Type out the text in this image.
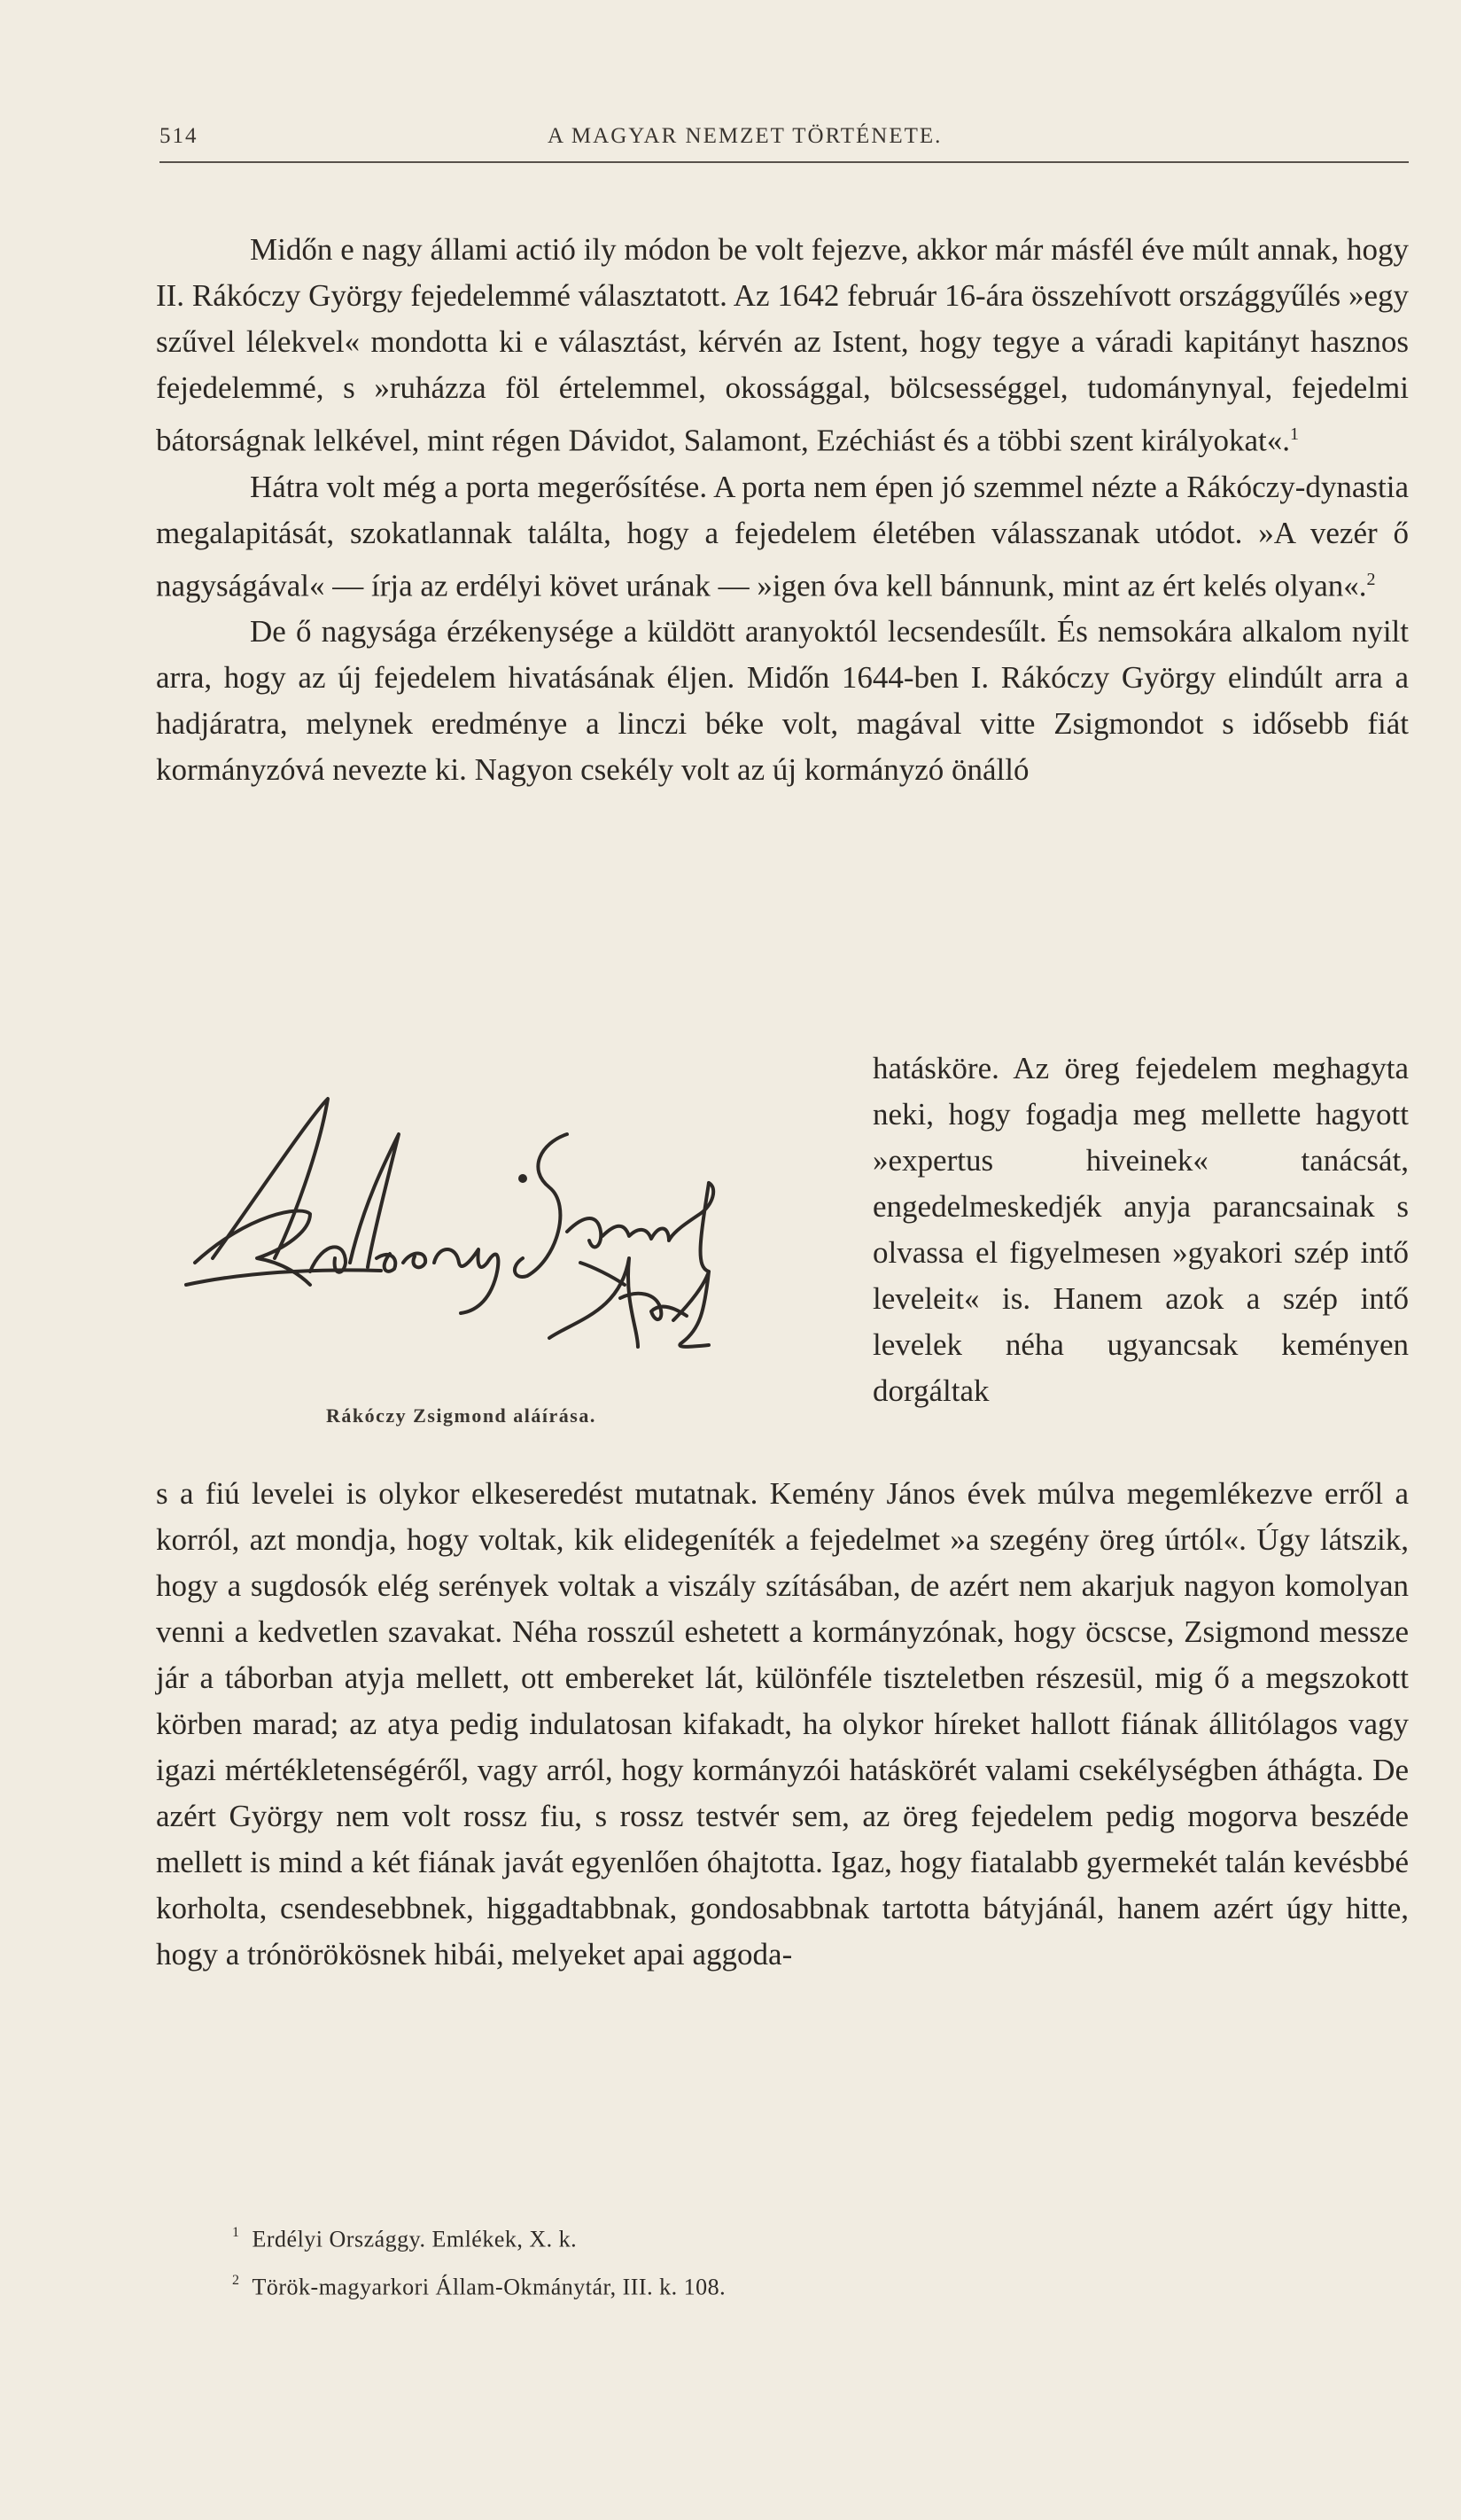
514	A MAGYAR NEMZET TÖRTÉNETE.

Midőn e nagy állami actió ily módon be volt fejezve, akkor már másfél éve múlt annak, hogy II. Rákóczy György fejedelemmé választatott. Az 1642 február 16-ára összehívott országgyűlés »egy szűvel lélekvel« mondotta ki e választást, kérvén az Istent, hogy tegye a váradi kapitányt hasznos fejedelemmé, s »ruházza föl értelemmel, okossággal, bölcsességgel, tudománynyal, fejedelmi bátorságnak lelkével, mint régen Dávidot, Salamont, Ezéchiást és a többi szent királyokat«.$^1$

Hátra volt még a porta megerősítése. A porta nem épen jó szemmel nézte a Rákóczy-dynastia megalapitását, szokatlannak találta, hogy a fejedelem életében válasszanak utódot. »A vezér ő nagyságával« — írja az erdélyi követ urának — »igen óva kell bánnunk, mint az ért kelés olyan«.$^2$

De ő nagysága érzékenysége a küldött aranyoktól lecsendesűlt. És nemsokára alkalom nyilt arra, hogy az új fejedelem hivatásának éljen. Midőn 1644-ben I. Rákóczy György elindúlt arra a hadjáratra, melynek eredménye a linczi béke volt, magával vitte Zsigmondot s idősebb fiát kormányzóvá nevezte ki. Nagyon csekély volt az új kormányzó önálló

hatásköre. Az öreg fejedelem meghagyta neki, hogy fogadja meg mellette hagyott »expertus hiveinek« tanácsát, engedelmeskedjék anyja parancsainak s olvassa el figyelmesen »gyakori szép intő leveleit« is. Hanem azok a szép intő levelek néha ugyancsak keményen dorgáltak

Rákóczy Zsigmond aláírása.

s a fiú levelei is olykor elkeseredést mutatnak. Kemény János évek múlva megemlékezve erről a korról, azt mondja, hogy voltak, kik elidegeníték a fejedelmet »a szegény öreg úrtól«. Úgy látszik, hogy a sugdosók elég serények voltak a viszály szításában, de azért nem akarjuk nagyon komolyan venni a kedvetlen szavakat. Néha rosszúl eshetett a kormányzónak, hogy öcscse, Zsigmond messze jár a táborban atyja mellett, ott embereket lát, különféle tiszteletben részesül, mig ő a megszokott körben marad; az atya pedig indulatosan kifakadt, ha olykor híreket hallott fiának állitólagos vagy igazi mértékletenségéről, vagy arról, hogy kormányzói hatáskörét valami csekélységben áthágta. De azért György nem volt rossz fiu, s rossz testvér sem, az öreg fejedelem pedig mogorva beszéde mellett is mind a két fiának javát egyenlően óhajtotta. Igaz, hogy fiatalabb gyermekét talán kevésbbé korholta, csendesebbnek, higgadtabbnak, gondosabbnak tartotta bátyjánál, hanem azért úgy hitte, hogy a trónörökösnek hibái, melyeket apai aggoda-

$^1$ Erdélyi Országgy. Emlékek, X. k.

$^2$ Török-magyarkori Állam-Okmánytár, III. k. 108.
